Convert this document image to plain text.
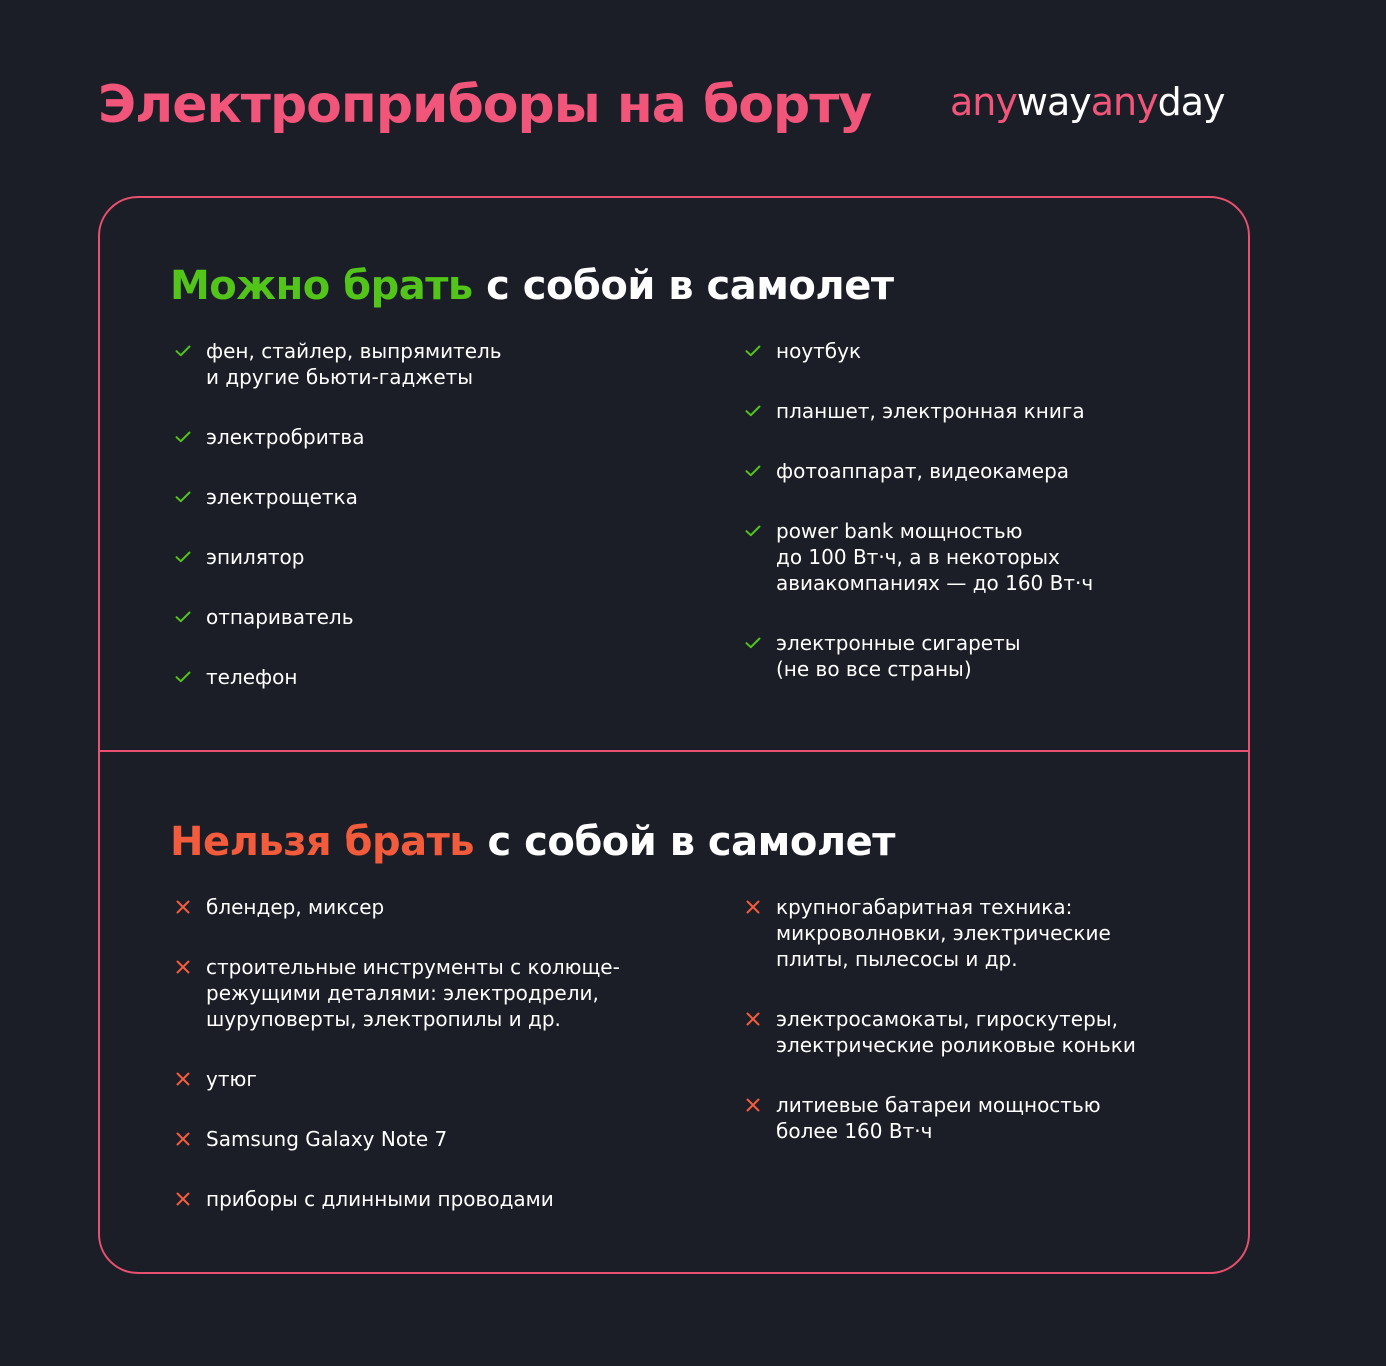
Электроприборы на борту anywayanyday
Можно брать с собой в самолет
фен, стайлер, выпрямитель
и другие бьюти-гаджеты
электробритва
электрощетка
эпилятор
отпариватель
телефон
ноутбук
планшет, электронная книга
фотоаппарат, видеокамера
power bank мощностью
до 100 Вт·ч, а в некоторых
авиакомпаниях — до 160 Вт·ч
электронные сигареты
(не во все страны)
Нельзя брать с собой в самолет
блендер, миксер
строительные инструменты с колюще-
режущими деталями: электродрели,
шуруповерты, электропилы и др.
утюг
Samsung Galaxy Note 7
приборы с длинными проводами
крупногабаритная техника:
микроволновки, электрические
плиты, пылесосы и др.
электросамокаты, гироскутеры,
электрические роликовые коньки
литиевые батареи мощностью
более 160 Вт·ч
